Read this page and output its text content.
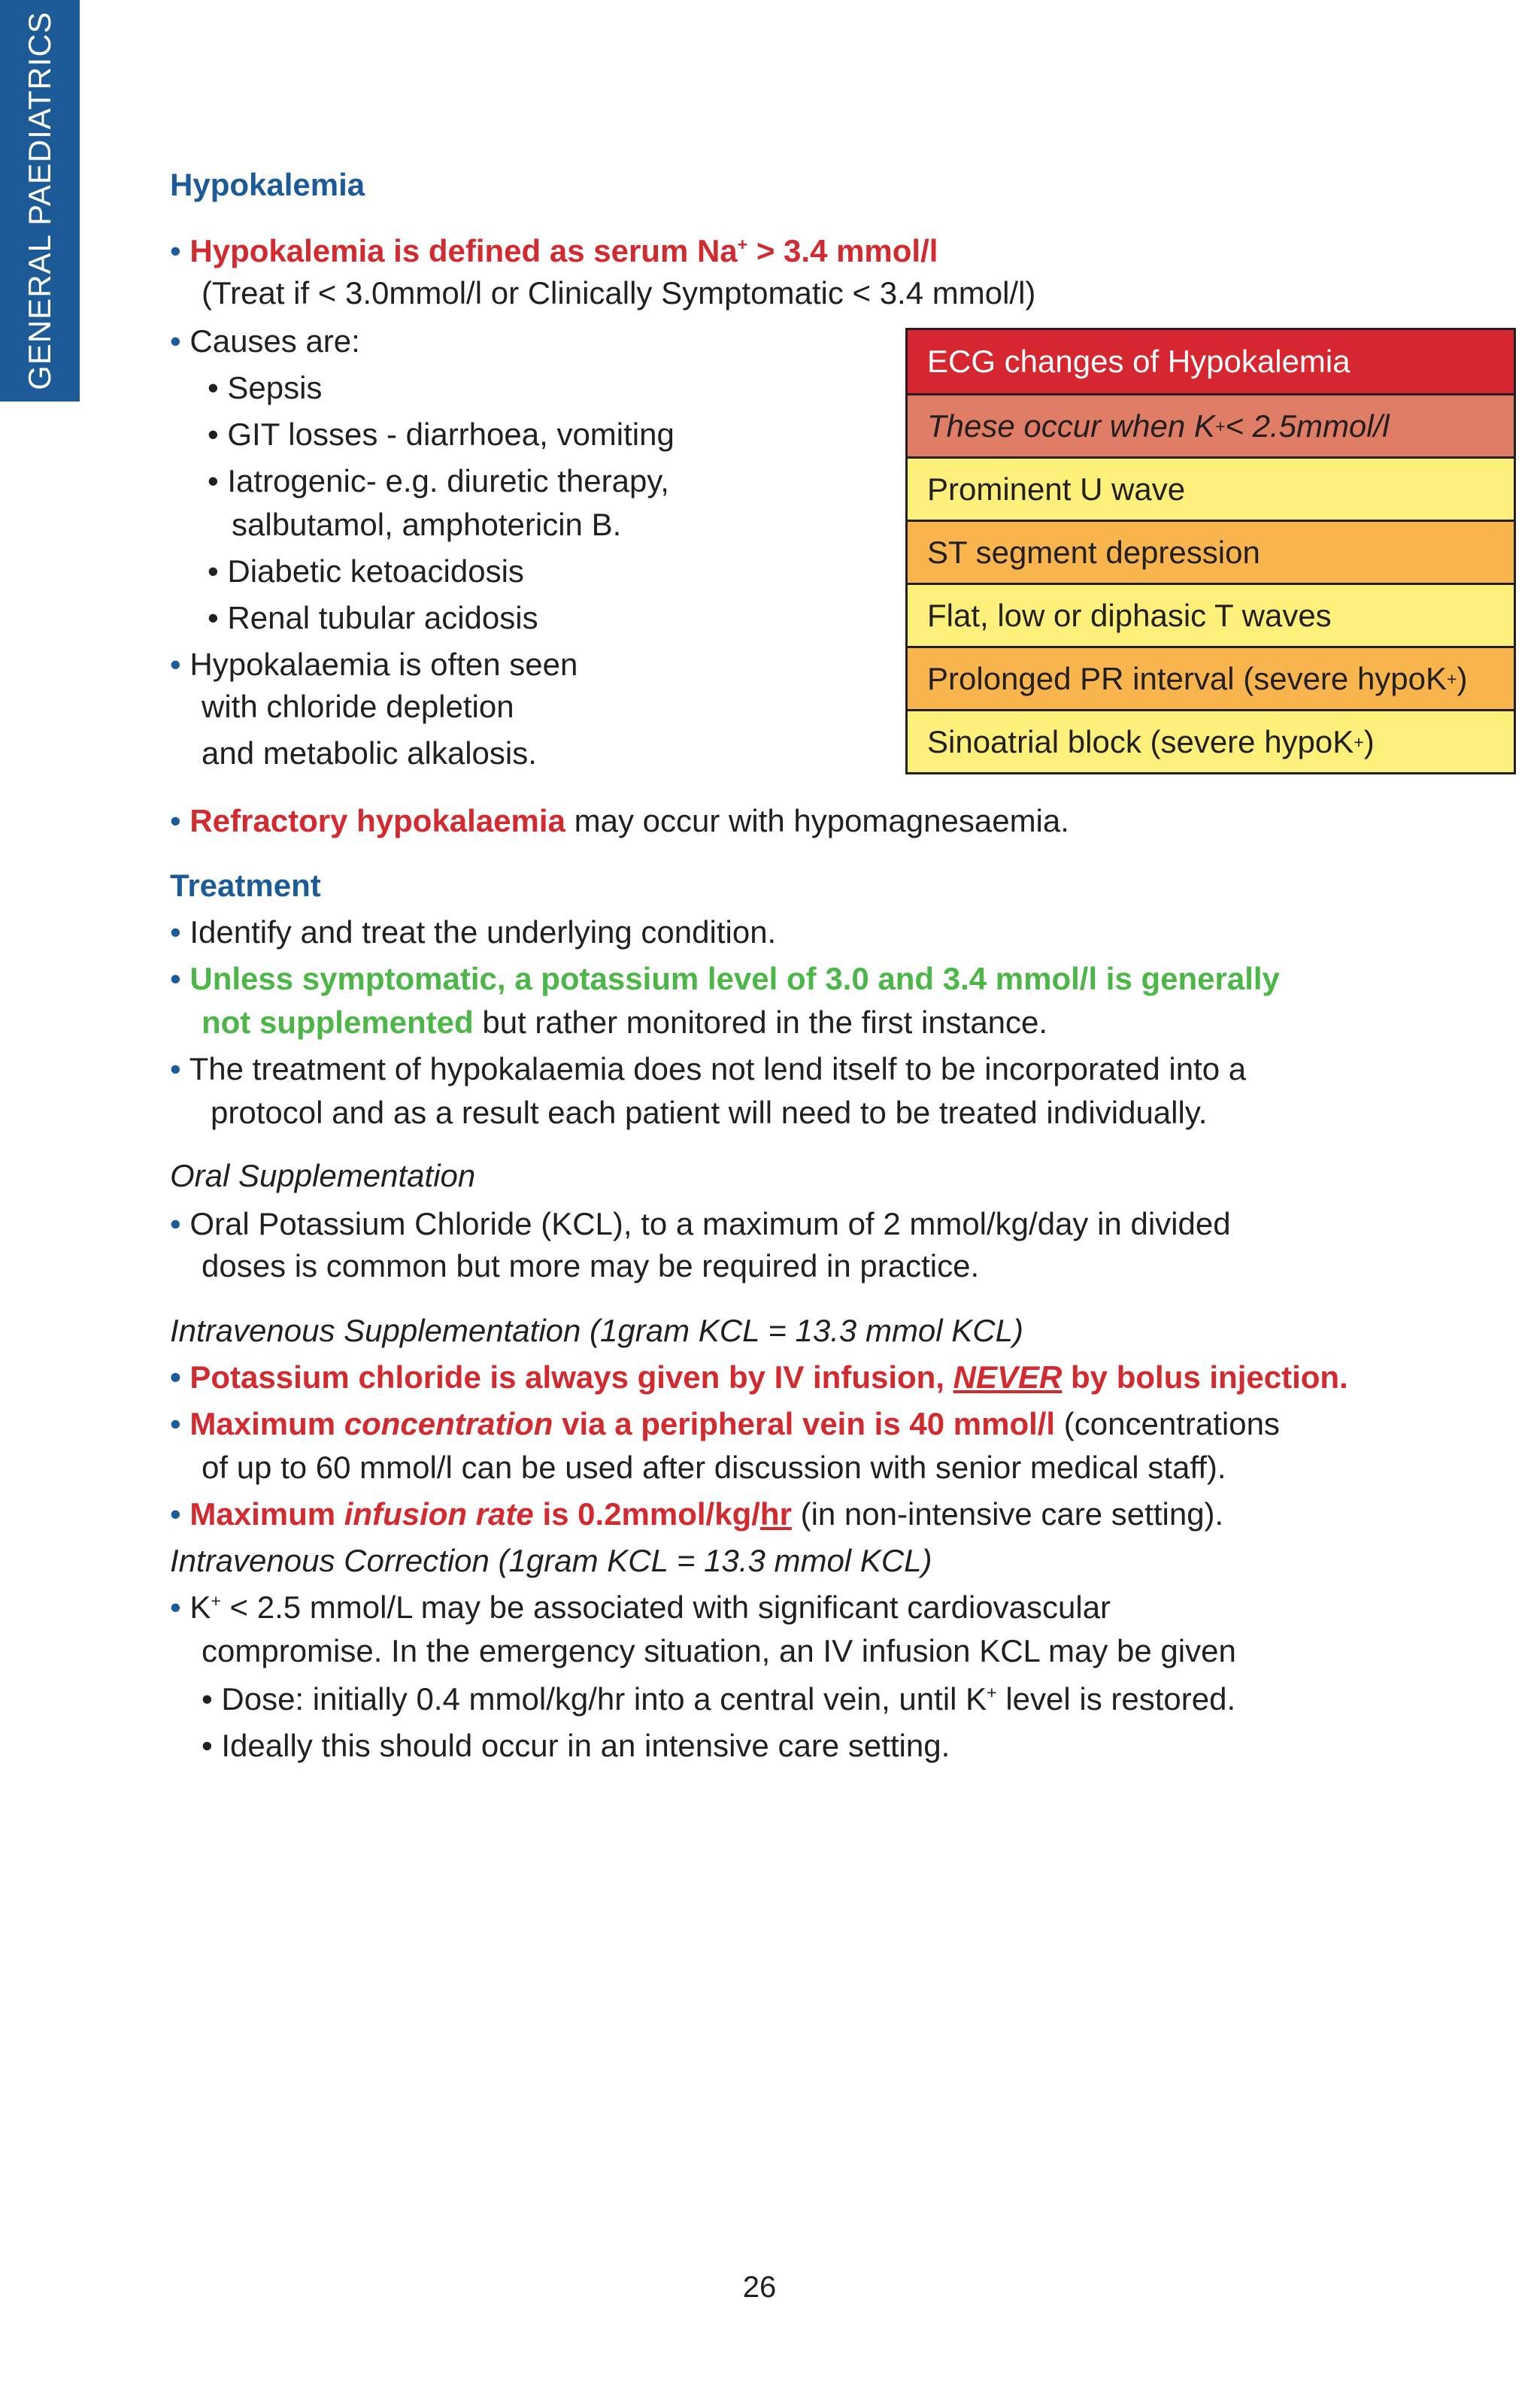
GENERAL PAEDIATRICS	Hypokalemia
• Hypokalemia is defined as serum Na+ > 3.4 mmol/l
(Treat if < 3.0mmol/l or Clinically Symptomatic < 3.4 mmol/l)
• Causes are:
• Sepsis
• GIT losses - diarrhoea, vomiting
• Iatrogenic- e.g. diuretic therapy,
salbutamol, amphotericin B.
• Diabetic ketoacidosis
• Renal tubular acidosis
• Hypokalaemia is often seen
with chloride depletion
and metabolic alkalosis.
• Refractory hypokalaemia may occur with hypomagnesaemia.
Treatment
• Identify and treat the underlying condition.
• Unless symptomatic, a potassium level of 3.0 and 3.4 mmol/l is generally
not supplemented but rather monitored in the first instance.
• The treatment of hypokalaemia does not lend itself to be incorporated into a
protocol and as a result each patient will need to be treated individually.
Oral Supplementation
• Oral Potassium Chloride (KCL), to a maximum of 2 mmol/kg/day in divided
doses is common but more may be required in practice.
Intravenous Supplementation (1gram KCL = 13.3 mmol KCL)
• Potassium chloride is always given by IV infusion, NEVER by bolus injection.
• Maximum concentration via a peripheral vein is 40 mmol/l (concentrations
of up to 60 mmol/l can be used after discussion with senior medical staff).
• Maximum infusion rate is 0.2mmol/kg/hr (in non-intensive care setting).
Intravenous Correction (1gram KCL = 13.3 mmol KCL)
• K+ < 2.5 mmol/L may be associated with significant cardiovascular
compromise. In the emergency situation, an IV infusion KCL may be given
• Dose: initially 0.4 mmol/kg/hr into a central vein, until K+ level is restored.
• Ideally this should occur in an intensive care setting.
ECG changes of Hypokalemia
These occur when K + < 2.5mmol/l
Prominent U wave
ST segment depression
Flat, low or diphasic T waves
Prolonged PR interval (severe hypoK + )
Sinoatrial block (severe hypoK + )
26
